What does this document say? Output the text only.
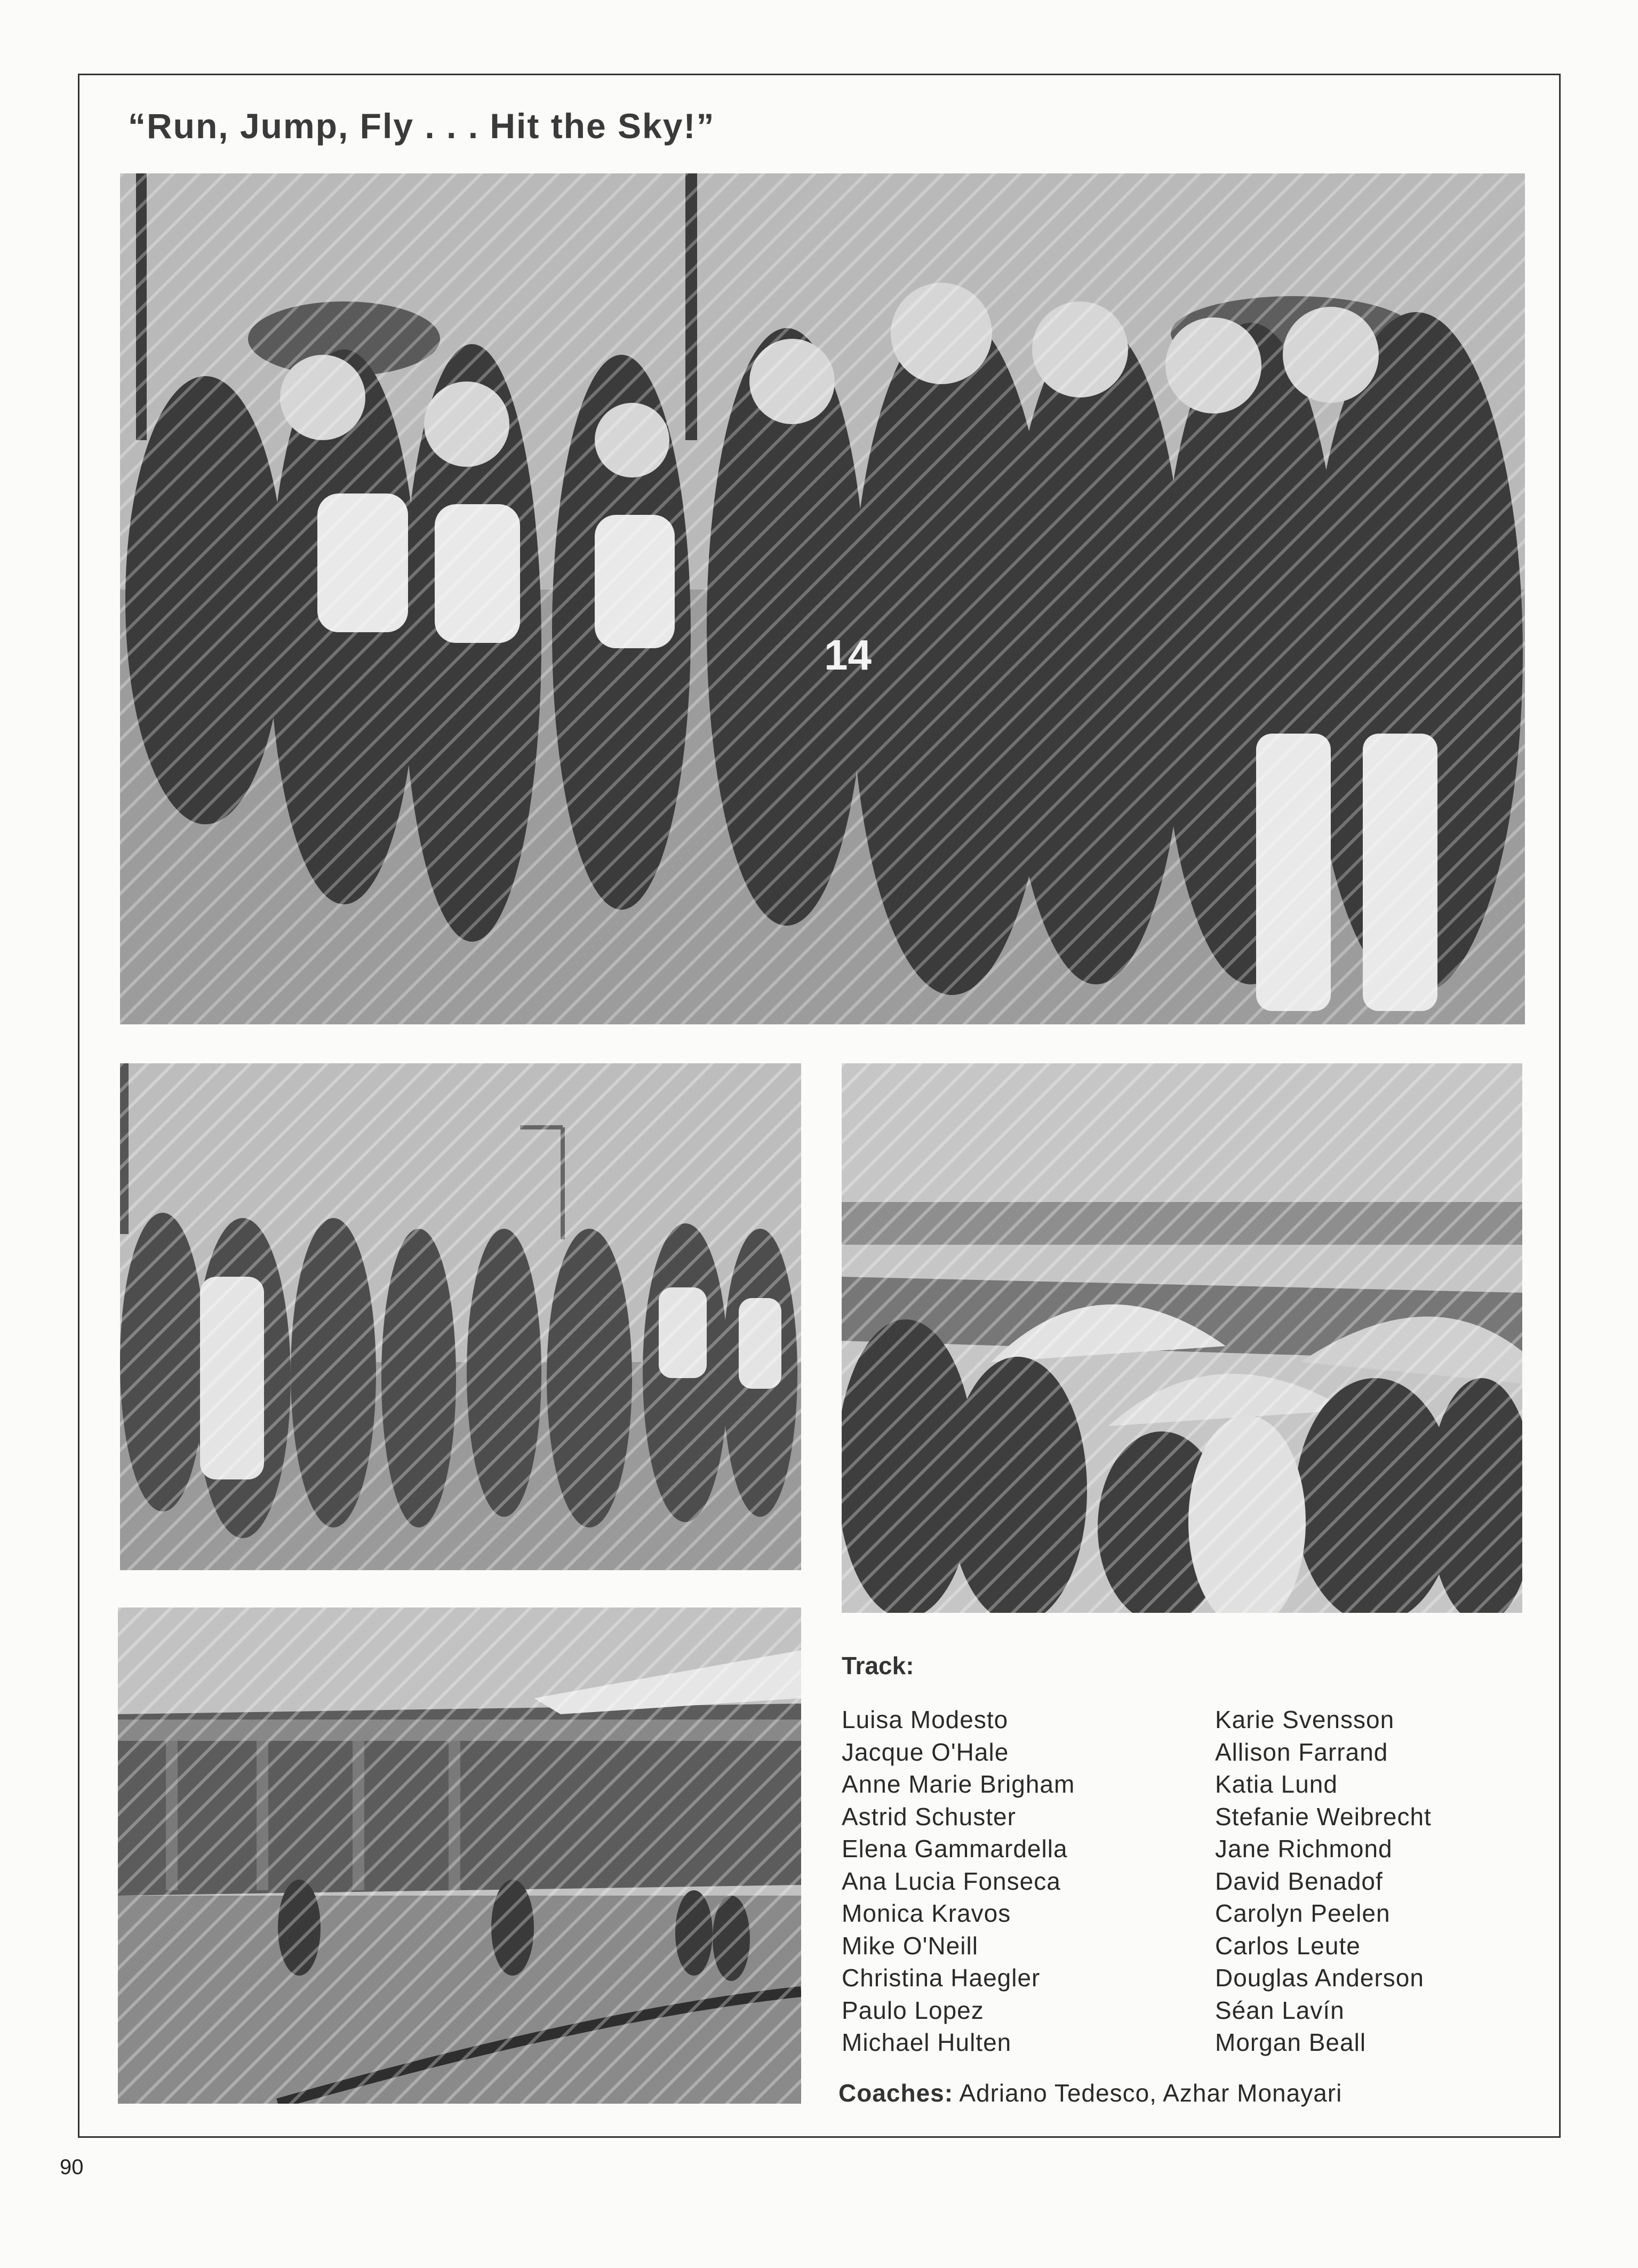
“Run, Jump, Fly . . . Hit the Sky!”
Track:
Luisa Modesto
Jacque O'Hale
Anne Marie Brigham
Astrid Schuster
Elena Gammardella
Ana Lucia Fonseca
Monica Kravos
Mike O'Neill
Christina Haegler
Paulo Lopez
Michael Hulten
Karie Svensson
Allison Farrand
Katia Lund
Stefanie Weibrecht
Jane Richmond
David Benadof
Carolyn Peelen
Carlos Leute
Douglas Anderson
Séan Lavín
Morgan Beall

Coaches: Adriano Tedesco, Azhar Monayari

90
